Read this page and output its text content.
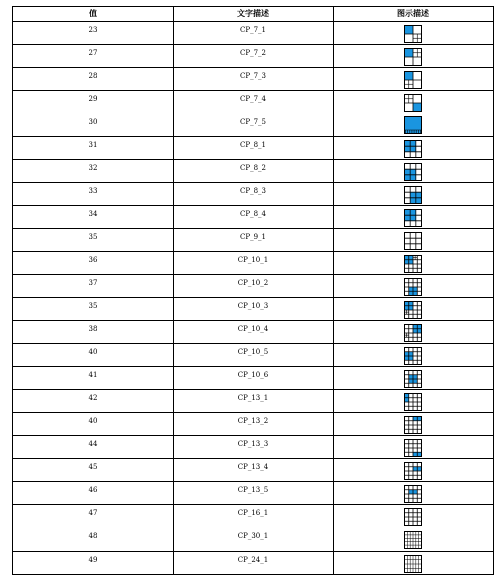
值	文字描述	图示描述
23	CP_7_1
27	CP_7_2
28	CP_7_3
29	CP_7_4
30	CP_7_5
31	CP_8_1
32	CP_8_2
33	CP_8_3
34	CP_8_4
35	CP_9_1
36	CP_10_1
37	CP_10_2
35	CP_10_3
38	CP_10_4
40	CP_10_5
41	CP_10_6
42	CP_13_1
40	CP_13_2
44	CP_13_3
45	CP_13_4
46	CP_13_5
47	CP_16_1
48	CP_30_1
49	CP_24_1
